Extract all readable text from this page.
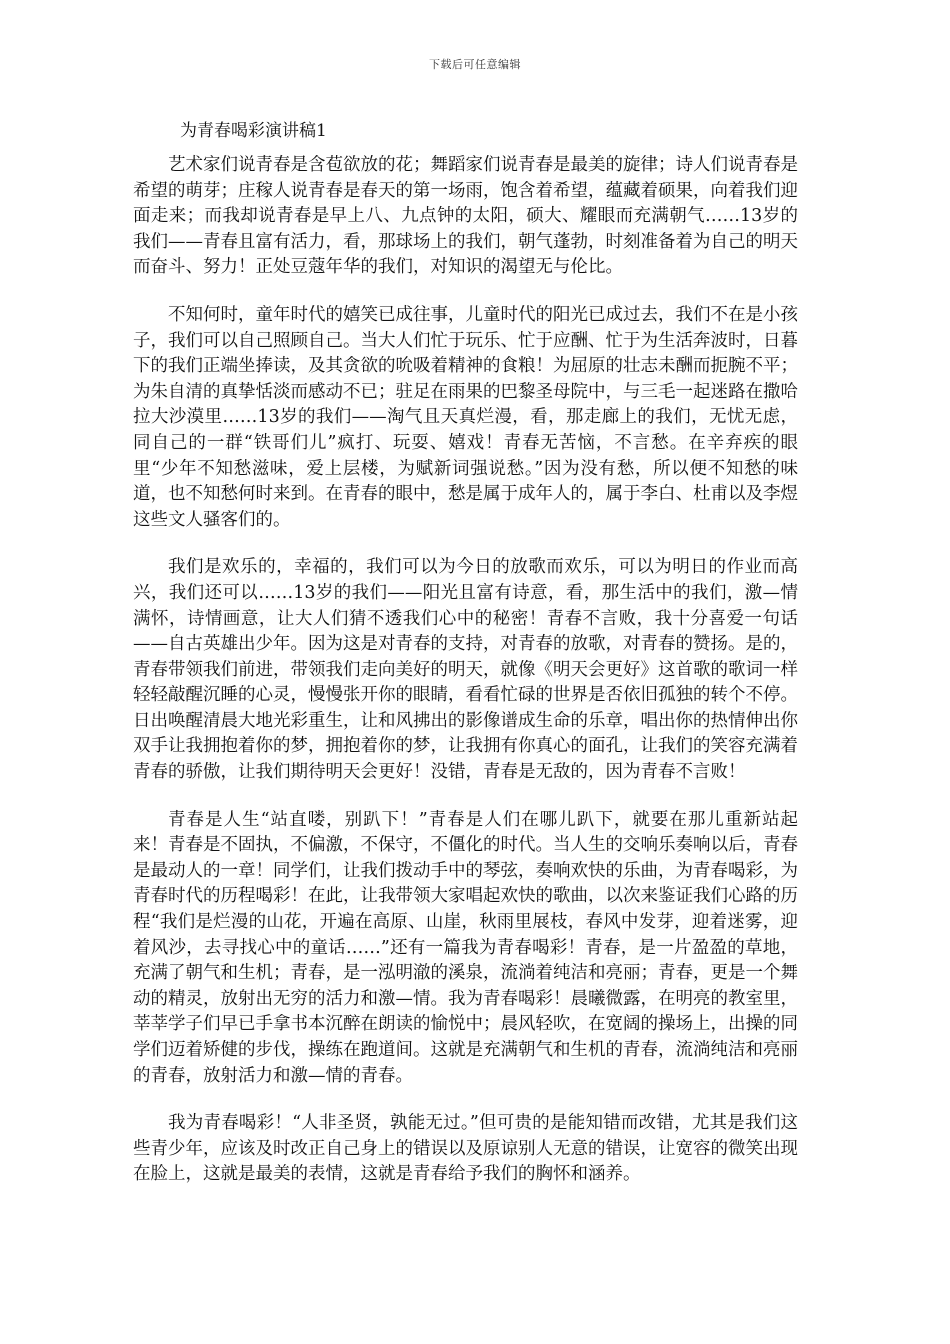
下载后可任意编辑
为青春喝彩演讲稿1

艺术家们说青春是含苞欲放的花；舞蹈家们说青春是最美的旋律；诗人们说青春是希望的萌芽；庄稼人说青春是春天的第一场雨，饱含着希望，蕴藏着硕果，向着我们迎面走来；而我却说青春是早上八、九点钟的太阳，硕大、耀眼而充满朝气……13岁的我们——青春且富有活力，看，那球场上的我们，朝气蓬勃，时刻准备着为自己的明天而奋斗、努力！正处豆蔻年华的我们，对知识的渴望无与伦比。

不知何时，童年时代的嬉笑已成往事，儿童时代的阳光已成过去，我们不在是小孩子，我们可以自己照顾自己。当大人们忙于玩乐、忙于应酬、忙于为生活奔波时，日暮下的我们正端坐捧读，及其贪欲的吮吸着精神的食粮！为屈原的壮志未酬而扼腕不平；为朱自清的真挚恬淡而感动不已；驻足在雨果的巴黎圣母院中，与三毛一起迷路在撒哈拉大沙漠里……13岁的我们——淘气且天真烂漫，看，那走廊上的我们，无忧无虑，同自己的一群“铁哥们儿”疯打、玩耍、嬉戏！青春无苦恼，不言愁。在辛弃疾的眼里“少年不知愁滋味，爱上层楼，为赋新词强说愁。”因为没有愁，所以便不知愁的味道，也不知愁何时来到。在青春的眼中，愁是属于成年人的，属于李白、杜甫以及李煜这些文人骚客们的。

我们是欢乐的，幸福的，我们可以为今日的放歌而欢乐，可以为明日的作业而高兴，我们还可以……13岁的我们——阳光且富有诗意，看，那生活中的我们，激—情满怀，诗情画意，让大人们猜不透我们心中的秘密！青春不言败，我十分喜爱一句话——自古英雄出少年。因为这是对青春的支持，对青春的放歌，对青春的赞扬。是的，青春带领我们前进，带领我们走向美好的明天，就像《明天会更好》这首歌的歌词一样轻轻敲醒沉睡的心灵，慢慢张开你的眼睛，看看忙碌的世界是否依旧孤独的转个不停。日出唤醒清晨大地光彩重生，让和风拂出的影像谱成生命的乐章，唱出你的热情伸出你双手让我拥抱着你的梦，拥抱着你的梦，让我拥有你真心的面孔，让我们的笑容充满着青春的骄傲，让我们期待明天会更好！没错，青春是无敌的，因为青春不言败！

青春是人生“站直喽，别趴下！”青春是人们在哪儿趴下，就要在那儿重新站起来！青春是不固执，不偏激，不保守，不僵化的时代。当人生的交响乐奏响以后，青春是最动人的一章！同学们，让我们拨动手中的琴弦，奏响欢快的乐曲，为青春喝彩，为青春时代的历程喝彩！在此，让我带领大家唱起欢快的歌曲，以次来鉴证我们心路的历程“我们是烂漫的山花，开遍在高原、山崖，秋雨里展枝，春风中发芽，迎着迷雾，迎着风沙，去寻找心中的童话……”还有一篇我为青春喝彩！青春，是一片盈盈的草地，充满了朝气和生机；青春，是一泓明澈的溪泉，流淌着纯洁和亮丽；青春，更是一个舞动的精灵，放射出无穷的活力和激—情。我为青春喝彩！晨曦微露，在明亮的教室里，莘莘学子们早已手拿书本沉醉在朗读的愉悦中；晨风轻吹，在宽阔的操场上，出操的同学们迈着矫健的步伐，操练在跑道间。这就是充满朝气和生机的青春，流淌纯洁和亮丽的青春，放射活力和激—情的青春。

我为青春喝彩！“人非圣贤，孰能无过。”但可贵的是能知错而改错，尤其是我们这些青少年，应该及时改正自己身上的错误以及原谅别人无意的错误，让宽容的微笑出现在脸上，这就是最美的表情，这就是青春给予我们的胸怀和涵养。
